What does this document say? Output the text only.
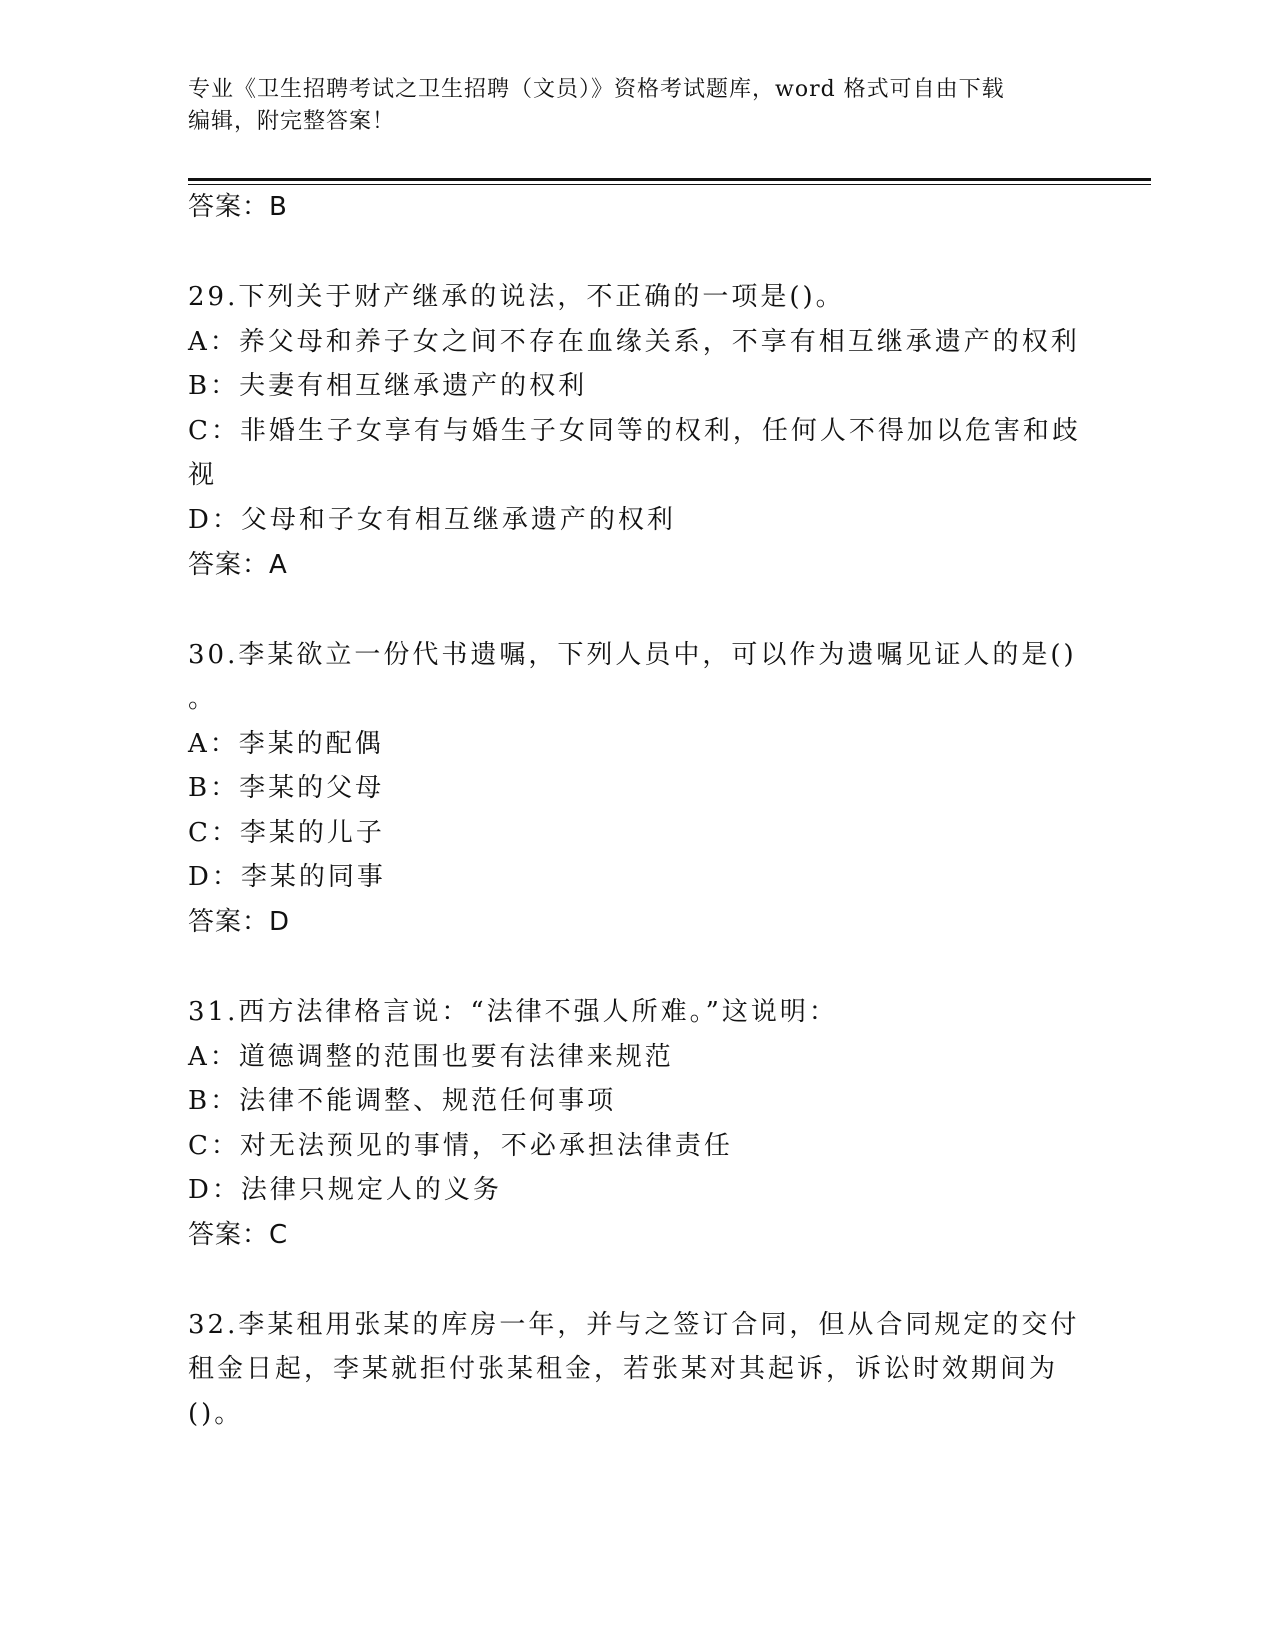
专业《卫生招聘考试之卫生招聘（文员）》资格考试题库，word 格式可自由下载
编辑，附完整答案！
答案：B
29.下列关于财产继承的说法，不正确的一项是()。
A：养父母和养子女之间不存在血缘关系，不享有相互继承遗产的权利
B：夫妻有相互继承遗产的权利
C：非婚生子女享有与婚生子女同等的权利，任何人不得加以危害和歧
视
D：父母和子女有相互继承遗产的权利
答案：A
30.李某欲立一份代书遗嘱，下列人员中，可以作为遗嘱见证人的是()
。
A：李某的配偶
B：李某的父母
C：李某的儿子
D：李某的同事
答案：D
31.西方法律格言说：“法律不强人所难。”这说明：
A：道德调整的范围也要有法律来规范
B：法律不能调整、规范任何事项
C：对无法预见的事情，不必承担法律责任
D：法律只规定人的义务
答案：C
32.李某租用张某的库房一年，并与之签订合同，但从合同规定的交付
租金日起，李某就拒付张某租金，若张某对其起诉，诉讼时效期间为
()。
